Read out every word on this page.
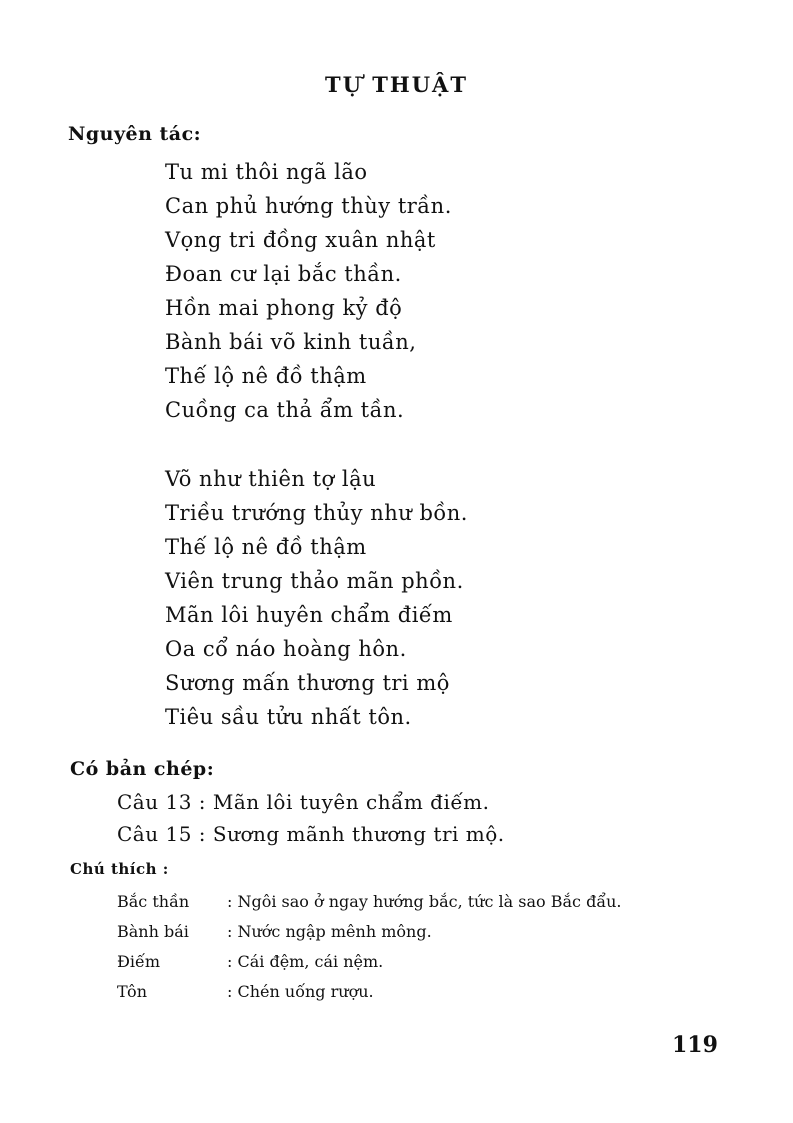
TỰ THUẬT
Nguyên tác:
Tu mi thôi ngã lão
Can phủ hướng thùy trần.
Vọng tri đồng xuân nhật
Đoan cư lại bắc thần.
Hồn mai phong kỷ độ
Bành bái võ kinh tuần,
Thế lộ nê đồ thậm
Cuồng ca thả ẩm tần.
Võ như thiên tợ lậu
Triều trướng thủy như bồn.
Thế lộ nê đồ thậm
Viên trung thảo mãn phồn.
Mãn lôi huyên chẩm điếm
Oa cổ náo hoàng hôn.
Sương mấn thương tri mộ
Tiêu sầu tửu nhất tôn.
Có bản chép:
Câu 13 : Mãn lôi tuyên chẩm điếm.
Câu 15 : Sương mãnh thương tri mộ.
Chú thích :
Bắc thần	: Ngôi sao ở ngay hướng bắc, tức là sao Bắc đẩu.
Bành bái	: Nước ngập mênh mông.
Điếm	: Cái đệm, cái nệm.
Tôn	: Chén uống rượu.
119
